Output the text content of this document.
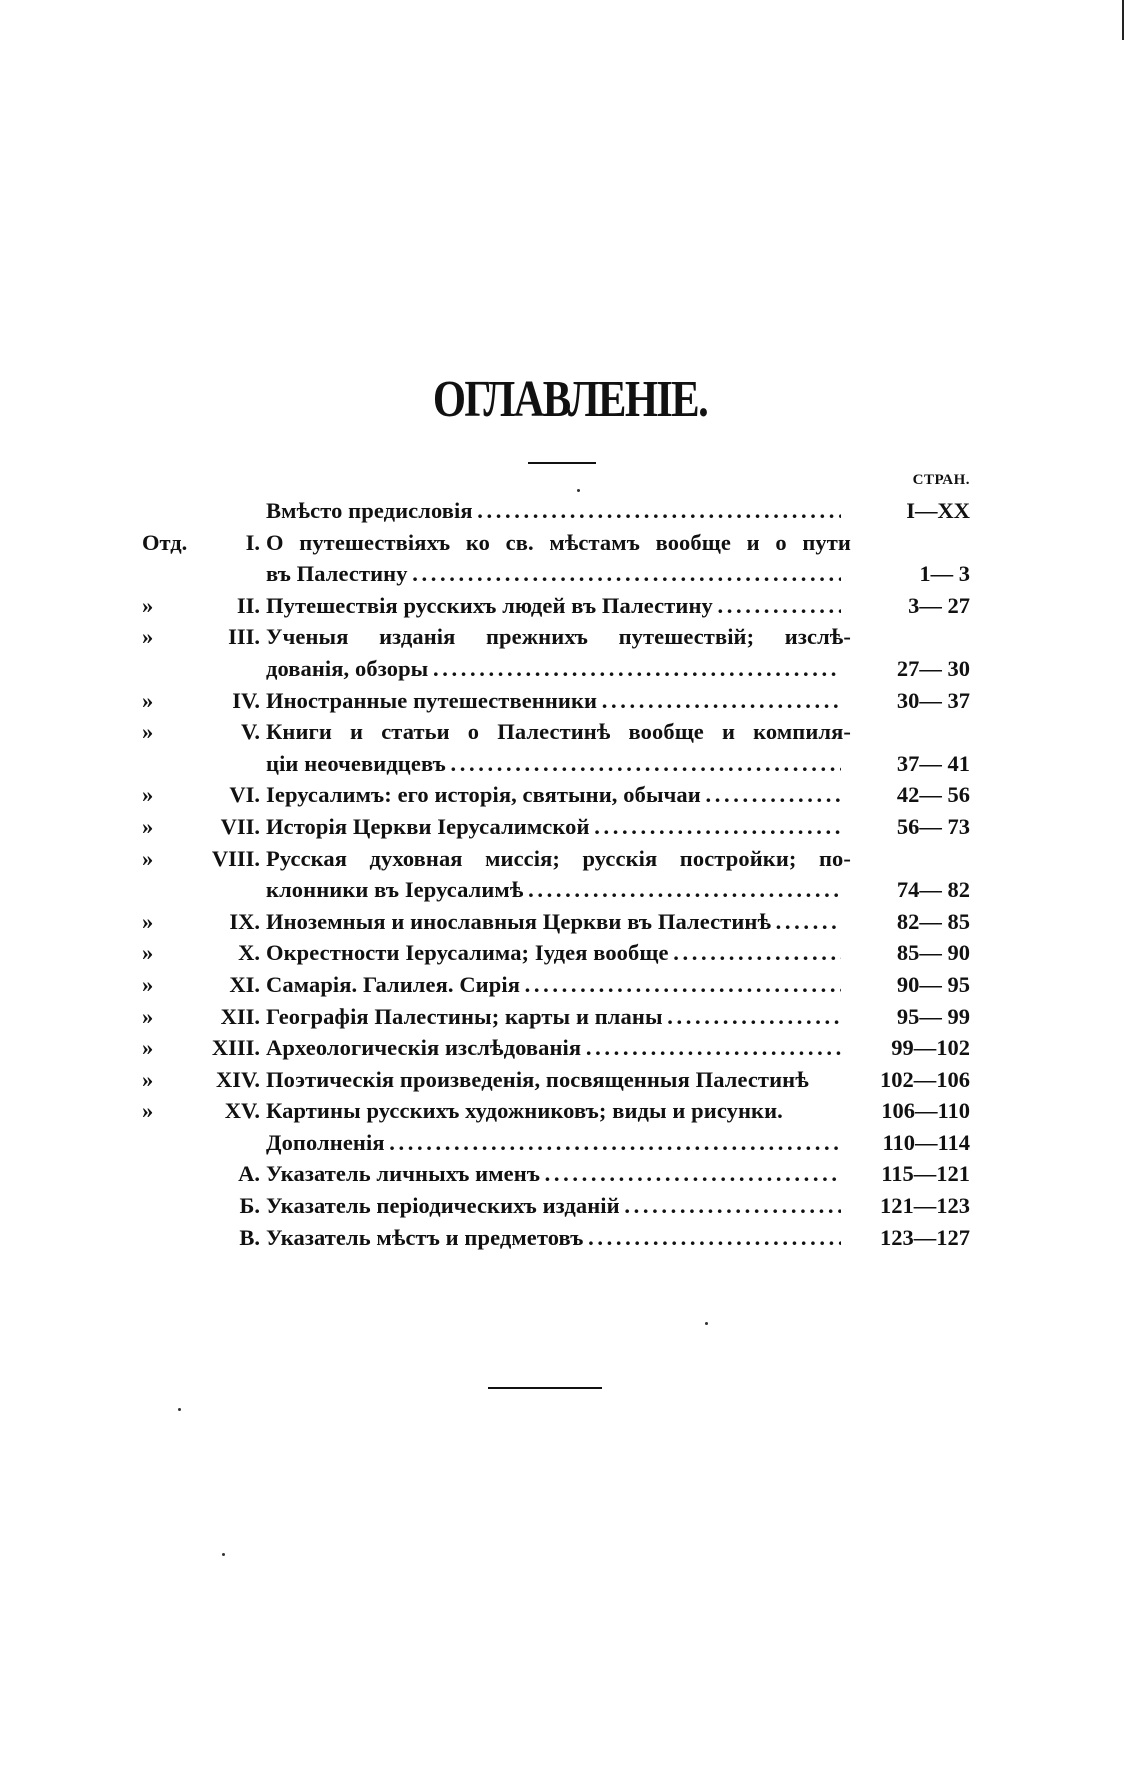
ОГЛАВЛЕНІЕ.
СТРАН.
Вмѣсто предисловія . . .	I—XX
Отд.	I. О путешествіяхъ ко св. мѣстамъ вообще и о пути
въ Палестину . . .	1— 3
»	II. Путешествія русскихъ людей въ Палестину . . .	3— 27
»	III. Ученыя изданія прежнихъ путешествій; изслѣ-
дованія, обзоры . . .	27— 30
»	IV. Иностранные путешественники . . .	30— 37
»	V. Книги и статьи о Палестинѣ вообще и компиля-
ціи неочевидцевъ . . .	37— 41
»	VI. Іерусалимъ: его исторія, святыни, обычаи . . .	42— 56
»	VII. Исторія Церкви Іерусалимской . . .	56— 73
»	VIII. Русская духовная миссія; русскія постройки; по-
клонники въ Іерусалимѣ . . .	74— 82
»	IX. Иноземныя и инославныя Церкви въ Палестинѣ . . .	82— 85
»	X. Окрестности Іерусалима; Іудея вообще . . .	85— 90
»	XI. Самарія. Галилея. Сирія . . .	90— 95
»	XII. Географія Палестины; карты и планы . . .	95— 99
»	XIII. Археологическія изслѣдованія . . .	99—102
»	XIV. Поэтическія произведенія, посвященныя Палестинѣ	102—106
»	XV. Картины русскихъ художниковъ; виды и рисунки.	106—110
Дополненія . . .	110—114
А. Указатель личныхъ именъ . . .	115—121
Б. Указатель періодическихъ изданій . . .	121—123
В. Указатель мѣстъ и предметовъ . . .	123—127
